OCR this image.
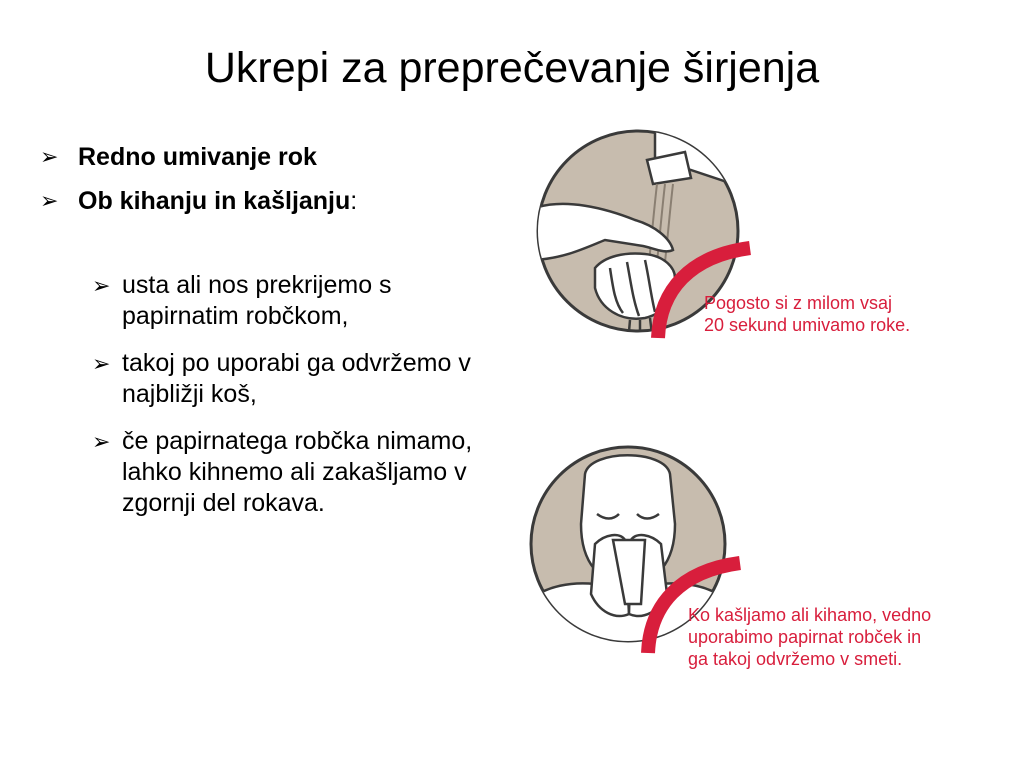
Ukrepi za preprečevanje širjenja
➢ Redno umivanje rok
➢ Ob kihanju in kašljanju:
➢ usta ali nos prekrijemo s papirnatim robčkom,
➢ takoj po uporabi ga odvržemo v najbližji koš,
➢ če papirnatega robčka nimamo, lahko kihnemo ali zakašljamo v zgornji del rokava.
Pogosto si z milom vsaj
20 sekund umivamo roke.
Ko kašljamo ali kihamo, vedno
uporabimo papirnat robček in
ga takoj odvržemo v smeti.
